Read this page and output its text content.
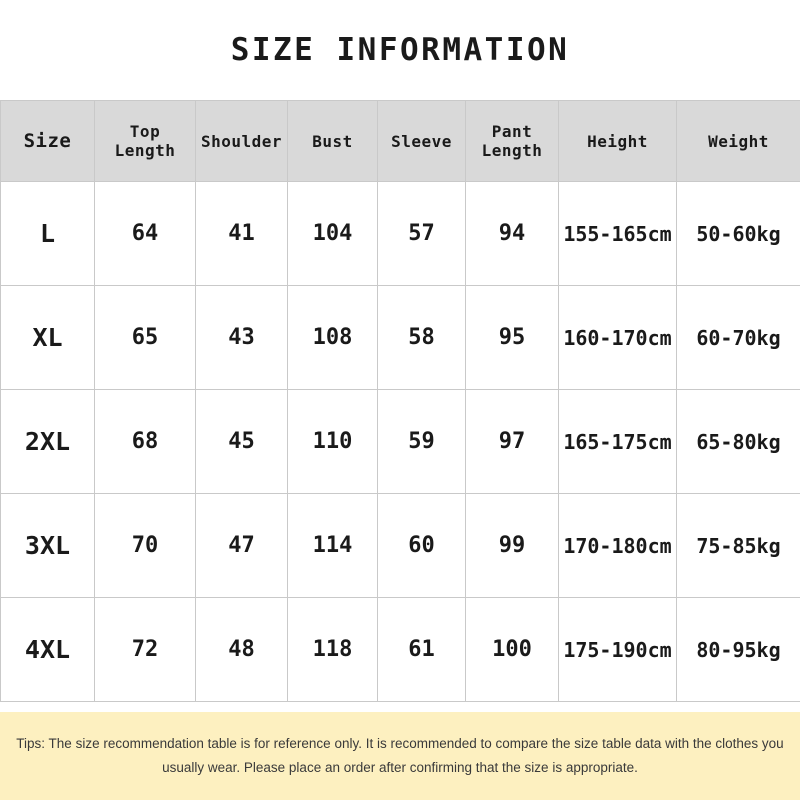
SIZE INFORMATION
Size	Top Length	Shoulder	Bust	Sleeve	Pant Length	Height	Weight
L	64	41	104	57	94	155-165cm	50-60kg
XL	65	43	108	58	95	160-170cm	60-70kg
2XL	68	45	110	59	97	165-175cm	65-80kg
3XL	70	47	114	60	99	170-180cm	75-85kg
4XL	72	48	118	61	100	175-190cm	80-95kg
Tips: The size recommendation table is for reference only. It is recommended to compare the size table data with the clothes you usually wear. Please place an order after confirming that the size is appropriate.
